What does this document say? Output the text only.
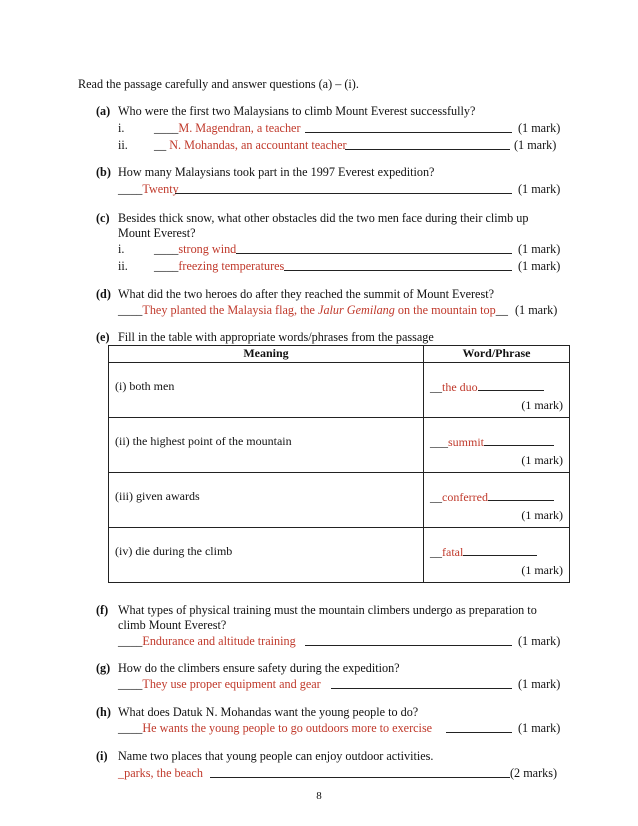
Read the passage carefully and answer questions (a) – (i).
(a) Who were the first two Malaysians to climb Mount Everest successfully?
i. ____M. Magendran, a teacher	(1 mark)
ii. __ N. Mohandas, an accountant teacher	(1 mark)
(b) How many Malaysians took part in the 1997 Everest expedition?
____Twenty	(1 mark)
(c) Besides thick snow, what other obstacles did the two men face during their climb up
Mount Everest?
i. ____strong wind	(1 mark)
ii. ____freezing temperatures	(1 mark)
(d) What did the two heroes do after they reached the summit of Mount Everest?
____They planted the Malaysia flag, the Jalur Gemilang on the mountain top__ (1 mark)
(e) Fill in the table with appropriate words/phrases from the passage
Meaning	Word/Phrase
(i) both men	__the duo
(1 mark)

(ii) the highest point of the mountain	___summit
(1 mark)

(iii) given awards	__conferred
(1 mark)

(iv) die during the climb	__fatal
(1 mark)
(f) What types of physical training must the mountain climbers undergo as preparation to
climb Mount Everest?
____Endurance and altitude training	(1 mark)
(g) How do the climbers ensure safety during the expedition?
____They use proper equipment and gear	(1 mark)
(h) What does Datuk N. Mohandas want the young people to do?
____He wants the young people to go outdoors more to exercise	(1 mark)
(i) Name two places that young people can enjoy outdoor activities.
_parks, the beach	(2 marks)
8
